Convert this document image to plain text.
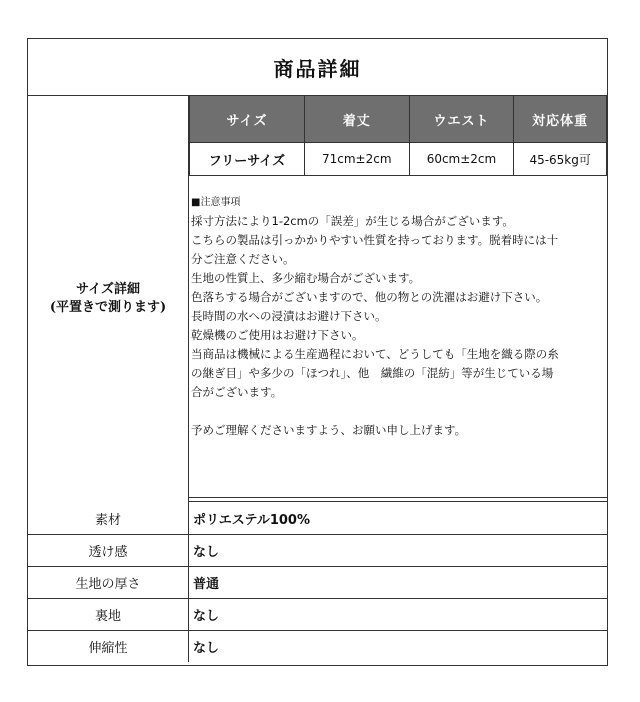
商品詳細
サイズ詳細
(平置きで測ります)
サイズ	着丈	ウエスト	対応体重
フリーサイズ	71cm±2cm	60cm±2cm	45-65kg可
■注意事項
採寸方法により1-2cmの「誤差」が生じる場合がございます。
こちらの製品は引っかかりやすい性質を持っております。脱着時には十
分ご注意ください。
生地の性質上、多少縮む場合がございます。
色落ちする場合がございますので、他の物との洗濯はお避け下さい。
長時間の水への浸漬はお避け下さい。
乾燥機のご使用はお避け下さい。
当商品は機械による生産過程において、どうしても「生地を織る際の糸
の継ぎ目」や多少の「ほつれ」、他　繊維の「混紡」等が生じている場
合がございます。
予めご理解くださいますよう、お願い申し上げます。
素材	ポリエステル100%
透け感	なし
生地の厚さ	普通
裏地	なし
伸縮性	なし
